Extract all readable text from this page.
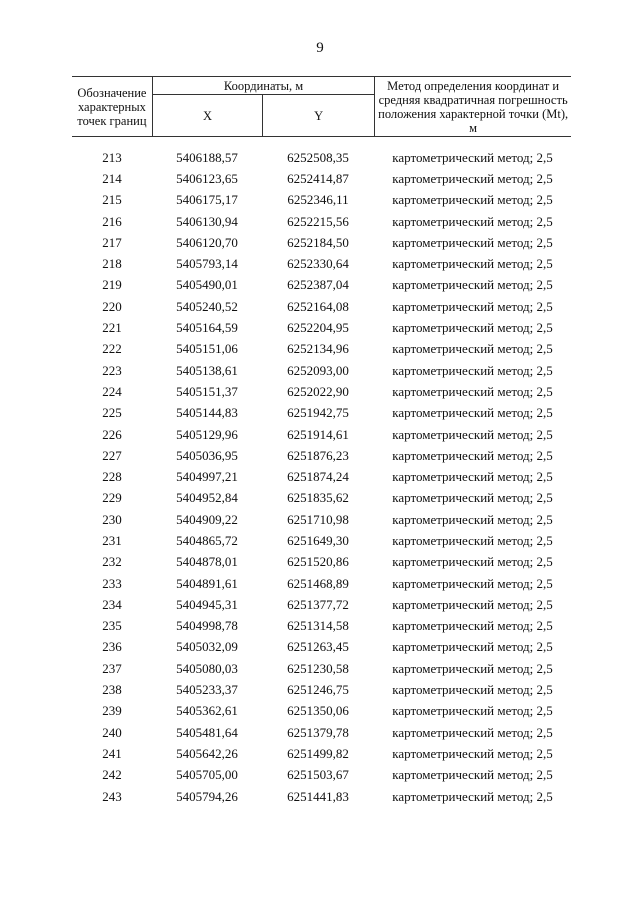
9
Обозначение характерных точек границ	Координаты, м		Метод определения координат и средняя квадратичная погрешность положения характерной точки (Mt), м
	X	Y	
213	5406188,57	6252508,35	картометрический метод; 2,5
214	5406123,65	6252414,87	картометрический метод; 2,5
215	5406175,17	6252346,11	картометрический метод; 2,5
216	5406130,94	6252215,56	картометрический метод; 2,5
217	5406120,70	6252184,50	картометрический метод; 2,5
218	5405793,14	6252330,64	картометрический метод; 2,5
219	5405490,01	6252387,04	картометрический метод; 2,5
220	5405240,52	6252164,08	картометрический метод; 2,5
221	5405164,59	6252204,95	картометрический метод; 2,5
222	5405151,06	6252134,96	картометрический метод; 2,5
223	5405138,61	6252093,00	картометрический метод; 2,5
224	5405151,37	6252022,90	картометрический метод; 2,5
225	5405144,83	6251942,75	картометрический метод; 2,5
226	5405129,96	6251914,61	картометрический метод; 2,5
227	5405036,95	6251876,23	картометрический метод; 2,5
228	5404997,21	6251874,24	картометрический метод; 2,5
229	5404952,84	6251835,62	картометрический метод; 2,5
230	5404909,22	6251710,98	картометрический метод; 2,5
231	5404865,72	6251649,30	картометрический метод; 2,5
232	5404878,01	6251520,86	картометрический метод; 2,5
233	5404891,61	6251468,89	картометрический метод; 2,5
234	5404945,31	6251377,72	картометрический метод; 2,5
235	5404998,78	6251314,58	картометрический метод; 2,5
236	5405032,09	6251263,45	картометрический метод; 2,5
237	5405080,03	6251230,58	картометрический метод; 2,5
238	5405233,37	6251246,75	картометрический метод; 2,5
239	5405362,61	6251350,06	картометрический метод; 2,5
240	5405481,64	6251379,78	картометрический метод; 2,5
241	5405642,26	6251499,82	картометрический метод; 2,5
242	5405705,00	6251503,67	картометрический метод; 2,5
243	5405794,26	6251441,83	картометрический метод; 2,5
